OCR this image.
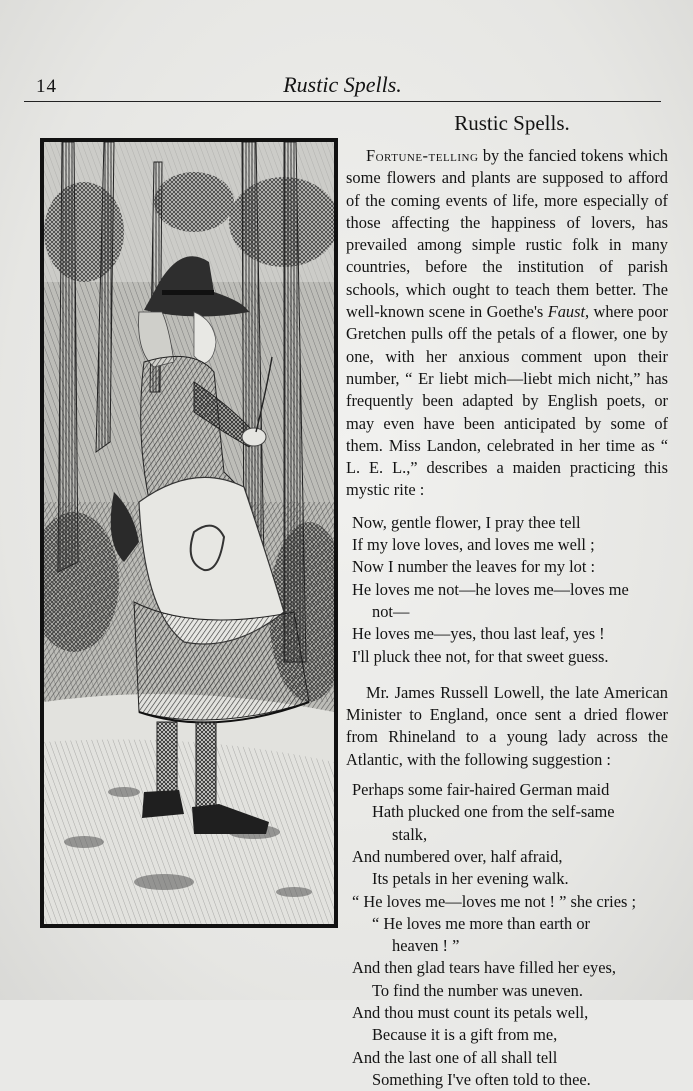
14	Rustic Spells.
Rustic Spells.

Fortune-telling by the fancied tokens which some flowers and plants are supposed to afford of the coming events of life, more especially of those affecting the happiness of lovers, has prevailed among simple rustic folk in many countries, before the institution of parish schools, which ought to teach them better. The well-known scene in Goethe's Faust, where poor Gretchen pulls off the petals of a flower, one by one, with her anxious comment upon their number, “ Er liebt mich—liebt mich nicht,” has frequently been adapted by English poets, or may even have been anticipated by some of them. Miss Landon, celebrated in her time as “ L. E. L.,” describes a maiden practicing this mystic rite :

Now, gentle flower, I pray thee tell
If my love loves, and loves me well ;
Now I number the leaves for my lot :
He loves me not—he loves me—loves me
not—
He loves me—yes, thou last leaf, yes !
I'll pluck thee not, for that sweet guess.

Mr. James Russell Lowell, the late American Minister to England, once sent a dried flower from Rhineland to a young lady across the Atlantic, with the following suggestion :

Perhaps some fair-haired German maid
Hath plucked one from the self-same
stalk,
And numbered over, half afraid,
Its petals in her evening walk.
“ He loves me—loves me not ! ” she cries ;
“ He loves me more than earth or
heaven ! ”
And then glad tears have filled her eyes,
To find the number was uneven.
And thou must count its petals well,
Because it is a gift from me,
And the last one of all shall tell
Something I've often told to thee.
